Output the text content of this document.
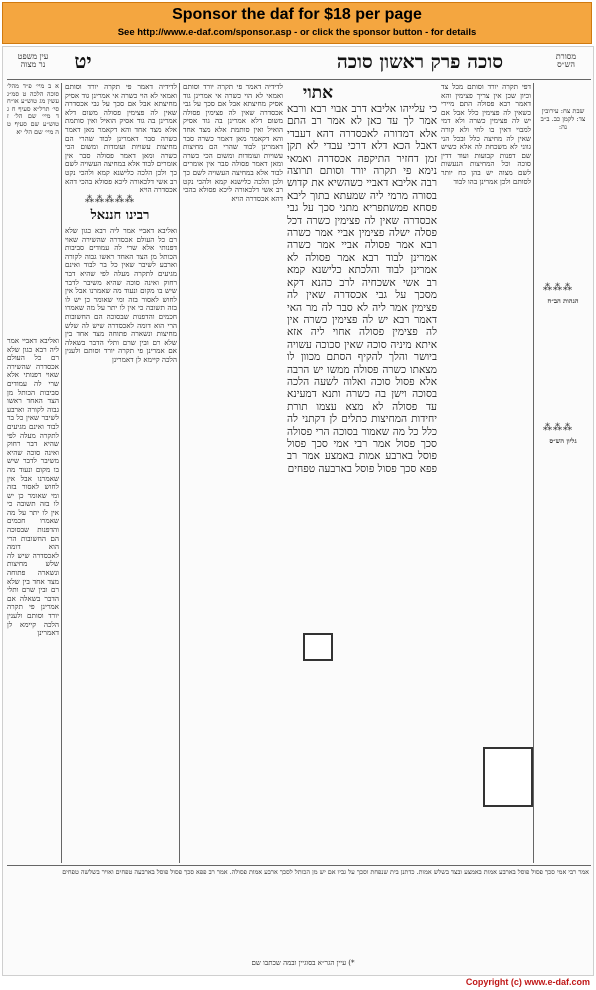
Sponsor the daf for $18 per page
See http://www.e-daf.com/sponsor.asp - or click the sponsor button - for details
סוכה פרק ראשון סוכה
יט
עין משפט
נר מצוה
מסורת
הש״ס
א ב מיי׳ פ״ד מהל׳ סוכה הלכה ט סמ״ג עשין מג טוש״ע או״ח סי׳ תרל״א סעיף ח ג ד מיי׳ שם הל׳ ז טוש״ע שם סעיף ט ה מיי׳ שם הל׳ יא
ואליבא דאביי אמר ליה רבא כגון שלא רם כל העולם אכסדרה שהשירה שאוי דפנותי אלא שרי לה עמודים סביבות הכותל מן הצד האחד ראשו גבוה לקורה וארבע לשיבר שאין כל בר לבוד ואינם מגיעים לתקרה מעלה לפי שהיא דבר רחוק ואינה סוכה שהיא משיבר לדבר שיש בו מקום ונעוד מה שאמרנו אבל אין לחוש לאסור בזה ומי שאומר כן יש לו בזה תשובה כי אין לו יתר על מה שאמרו חכמים והדפנות שבסוכה הם החשובות הרי הוא דומה לאכסדרה שיש לה שלש מחיצות ונשארה פתוחה מצד אחד בין שלא רם ובין שרם ותלי הדבר בשאלה אם אמרינן פי תקרה יורד וסותם ולענין הלכה קיימא לן דאמרינן
רבינו חננאל
⁂⁂⁂⁂⁂
לדידיה דאמר פי תקרה יורד וסותם ואמאי לא הוי כשרה אי אמרינן גוד אסיק מחיצתא אבל אם סכך על גבי אכסדרה שאין לה פצימין פסולה משום דלא אמרינן בה גוד אסיק הואיל ואין סותמת אלא מצד אחד והא דקאמר מאן דאמר כשרה סבר דאמרינן לבוד שהרי הם מחיצות עשויות ועומדות ומשום הכי כשרה ומאן דאמר פסולה סבר אין אומרים לבוד אלא במחיצה העשויה לשם כך ולכן הלכה כלישנא קמא ולהכי נקט רב אשי דלכאורה ליכא פסולא בהכי דהא אכסדרה הויא
ואליבא דאביי אמר ליה רבא כגון שלא רם כל העולם אכסדרה שהשירה שאוי דפנותי אלא שרי לה עמודים סביבות הכותל מן הצד האחד ראשו גבוה לקורה וארבע לשיבר שאין כל בר לבוד ואינם מגיעים לתקרה מעלה לפי שהיא דבר רחוק ואינה סוכה שהיא משיבר לדבר שיש בו מקום ונעוד מה שאמרנו אבל אין לחוש לאסור בזה ומי שאומר כן יש לו בזה תשובה כי אין לו יתר על מה שאמרו חכמים והדפנות שבסוכה הם החשובות הרי הוא דומה לאכסדרה שיש לה שלש מחיצות ונשארה פתוחה מצד אחד בין שלא רם ובין שרם ותלי הדבר בשאלה אם אמרינן פי תקרה יורד וסותם ולענין הלכה קיימא לן דאמרינן
לדידיה דאמר פי תקרה יורד וסותם ואמאי לא הוי כשרה אי אמרינן גוד אסיק מחיצתא אבל אם סכך על גבי אכסדרה שאין לה פצימין פסולה משום דלא אמרינן בה גוד אסיק הואיל ואין סותמת אלא מצד אחד והא דקאמר מאן דאמר כשרה סבר דאמרינן לבוד שהרי הם מחיצות עשויות ועומדות ומשום הכי כשרה ומאן דאמר פסולה סבר אין אומרים לבוד אלא במחיצה העשויה לשם כך ולכן הלכה כלישנא קמא ולהכי נקט רב אשי דלכאורה ליכא פסולא בהכי דהא אכסדרה הויא
אתוי
כי עלייהו אליבא דרב אבוי רבא ורבא אמר לך עד כאן לא אמר רב התם אלא דמדורה לאכסדרה דהא דעבדי דאבל הכא דלא דרכי עבדי לא תקן זמן דחזיר התיקפה אכסדרה ואמאי נימא פי תקרה יורד וסותם תרוצה רבה אליבא דאביי כשהשיא את קדוש בסורה מרמי ליה שמעתא בתוך ליבא פסחא פמשתפריא מתני סכך על גבי אכסדרה שאין לה פצימין כשרה דכל פסלה ישלה פצימין אביי אמר כשרה רבא אמר פסולה אביי אמר כשרה אמרינן לבוד רבא אמר פסולה לא אמרינן לבוד והלכתא כלישנא קמא רב אשי אשכחיה לרב כהנא דקא מסכך על גבי אכסדרה שאין לה פצימין אמר ליה לא סבר לה מר האי דאמר רבא יש לה פצימין כשרה אין לה פצימין פסולה אחוי ליה אזא איתא מיניה סוכה שאין סכוכה עשויה ביושר והלך להקיף הסתם מכוון לו מצאתו כשרה פסולה ממשו יש הרבה אלא פסול סוכה ואלוה לשעה הלכה בסוכה וישן בה כשרה ותנא דמעינא עד פסולה לא מצא עצמו תורת יחידות המחיצות כתלים לן דקתני לה כלל כל מה שאמור בסוכה הרי פסולה סכך פסול אמר רבי אמי סכך פסול פוסל בארבע אמות באמצע אמר רב פפא סכך פסול פוסל בארבעה טפחים
דפי תקרה יורד וסותם מכל צד וכיון שכן אין צריך פצימין והא דאמר רבא פסולה התם מיירי כשאין לה פצימין כלל אבל אם יש לה פצימין כשרה ולא דמי למבוי דאין בו לחי ולא קורה שאין לה מחיצה כלל ובכל הני גווני לא משכחת לה אלא כשיש שם דפנות קבועות ועוד דדין סוכה וכל המחיצות הנעשות לשם מצוה יש בהן כח יותר לסותם ולכן אמרינן בהו לבוד
שבת צח: עירובין צד: לקמן כב. ב״ב נה:
הגהות הב״ח
⁂⁂⁂
גליון הש״ס
⁂⁂⁂
אמר רבי אמי סכך פסול פוסל בארבע אמות באמצע ובצד בשלש אמות. כדתנן בית שנפחת וסכך על גביו אם יש מן הכותל לסכך ארבע אמות פסולה. אמר רב פפא סכך פסול פוסל בארבעה טפחים ואויר בשלשה טפחים
*) עיין הגר״א בסוגיין ובמה שכתבו שם
Copyright (c) www.e-daf.com
